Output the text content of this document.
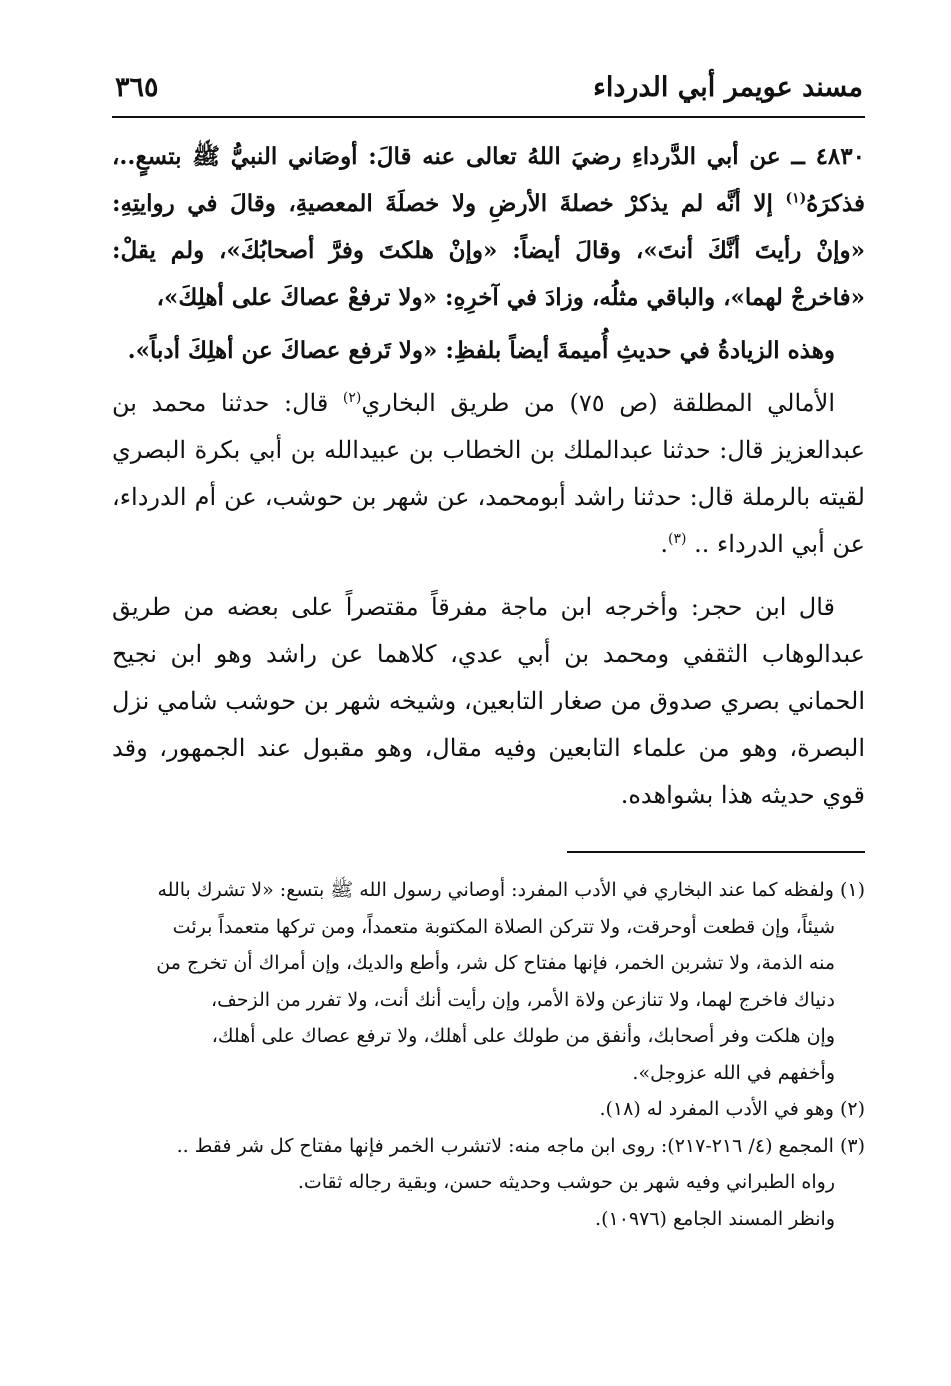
مسند عويمر أبي الدرداء
٣٦٥

٤٨٣٠ ــ عن أبي الدَّرداءِ رضيَ اللهُ تعالى عنه قالَ: أوصَاني النبيُّ ﷺ بتسعٍ..، فذكرَهُ$^{(١)}$ إلا أنَّه لم يذكرْ خصلةَ الأرضِ ولا خصلَةَ المعصيةِ، وقالَ في روايتِهِ: «وإنْ رأيتَ أنَّكَ أنتَ»، وقالَ أيضاً: «وإنْ هلكتَ وفرَّ أصحابُكَ»، ولم يقلْ: «فاخرجْ لهما»، والباقي مثلُه، وزادَ في آخرِهِ: «ولا ترفعْ عصاكَ على أهلِكَ»،

وهذه الزيادةُ في حديثِ أُميمةَ أيضاً بلفظِ: «ولا تَرفع عصاكَ عن أهلِكَ أدباً».

الأمالي المطلقة (ص ٧٥) من طريق البخاري$^{(٢)}$ قال: حدثنا محمد بن عبدالعزيز قال: حدثنا عبدالملك بن الخطاب بن عبيدالله بن أبي بكرة البصري لقيته بالرملة قال: حدثنا راشد أبومحمد، عن شهر بن حوشب، عن أم الدرداء، عن أبي الدرداء .. $^{(٣)}$.

قال ابن حجر: وأخرجه ابن ماجة مفرقاً مقتصراً على بعضه من طريق عبدالوهاب الثقفي ومحمد بن أبي عدي، كلاهما عن راشد وهو ابن نجيح الحماني بصري صدوق من صغار التابعين، وشيخه شهر بن حوشب شامي نزل البصرة، وهو من علماء التابعين وفيه مقال، وهو مقبول عند الجمهور، وقد قوي حديثه هذا بشواهده.

(١)ولفظه كما عند البخاري في الأدب المفرد: أوصاني رسول الله ﷺ بتسع: «لا تشرك بالله
شيئاً، وإن قطعت أوحرقت، ولا تتركن الصلاة المكتوبة متعمداً، ومن تركها متعمداً برئت
منه الذمة، ولا تشربن الخمر، فإنها مفتاح كل شر، وأطع والديك، وإن أمراك أن تخرج من
دنياك فاخرج لهما، ولا تنازعن ولاة الأمر، وإن رأيت أنك أنت، ولا تفرر من الزحف،
وإن هلكت وفر أصحابك، وأنفق من طولك على أهلك، ولا ترفع عصاك على أهلك،
وأخفهم في الله عزوجل».

(٢)وهو في الأدب المفرد له (١٨).

(٣)المجمع (٤/ ٢١٦-٢١٧): روى ابن ماجه منه: لاتشرب الخمر فإنها مفتاح كل شر فقط ..
رواه الطبراني وفيه شهر بن حوشب وحديثه حسن، وبقية رجاله ثقات.
وانظر المسند الجامع (١٠٩٧٦).
